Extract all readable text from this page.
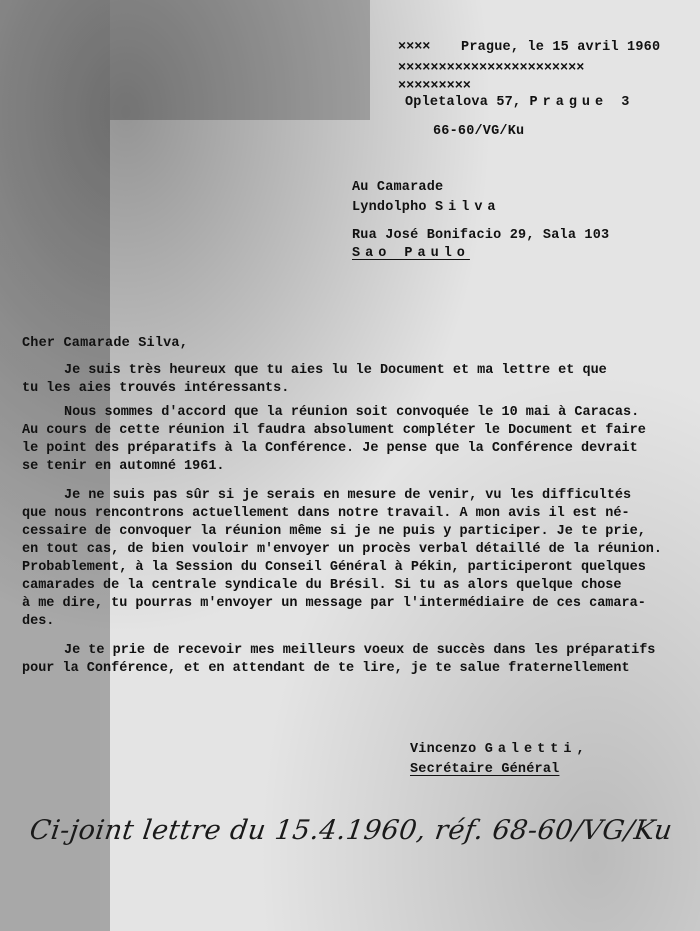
×××× Prague, le 15 avril 1960
×××××××××××××××××××××××
×××××××××
Opletalova 57, Prague 3
66-60/VG/Ku
Au Camarade
Lyndolpho Silva
Rua José Bonifacio 29, Sala 103
Sao Paulo
Cher Camarade Silva,
Je suis très heureux que tu aies lu le Document et ma lettre et que
tu les aies trouvés intéressants.
Nous sommes d'accord que la réunion soit convoquée le 10 mai à Caracas.
Au cours de cette réunion il faudra absolument compléter le Document et faire
le point des préparatifs à la Conférence. Je pense que la Conférence devrait
se tenir en automné 1961.
Je ne suis pas sûr si je serais en mesure de venir, vu les difficultés
que nous rencontrons actuellement dans notre travail. A mon avis il est né-
cessaire de convoquer la réunion même si je ne puis y participer. Je te prie,
en tout cas, de bien vouloir m'envoyer un procès verbal détaillé de la réunion.
Probablement, à la Session du Conseil Général à Pékin, participeront quelques
camarades de la centrale syndicale du Brésil. Si tu as alors quelque chose
à me dire, tu pourras m'envoyer un message par l'intermédiaire de ces camara-
des.
Je te prie de recevoir mes meilleurs voeux de succès dans les préparatifs
pour la Conférence, et en attendant de te lire, je te salue fraternellement
Vincenzo Galetti,
Secrétaire Général
Ci-joint lettre du 15.4.1960, réf. 68-60/VG/Ku
